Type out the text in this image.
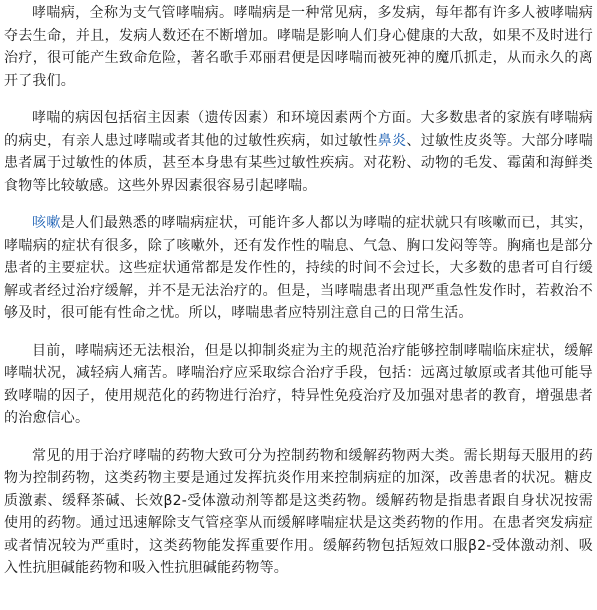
哮喘病，全称为支气管哮喘病。哮喘病是一种常见病，多发病，每年都有许多人被哮喘病夺去生命，并且，发病人数还在不断增加。哮喘是影响人们身心健康的大敌，如果不及时进行治疗，很可能产生致命危险，著名歌手邓丽君便是因哮喘而被死神的魔爪抓走，从而永久的离开了我们。

哮喘的病因包括宿主因素（遗传因素）和环境因素两个方面。大多数患者的家族有哮喘病的病史，有亲人患过哮喘或者其他的过敏性疾病，如过敏性鼻炎、过敏性皮炎等。大部分哮喘患者属于过敏性的体质，甚至本身患有某些过敏性疾病。对花粉、动物的毛发、霉菌和海鲜类食物等比较敏感。这些外界因素很容易引起哮喘。

咳嗽是人们最熟悉的哮喘病症状，可能许多人都以为哮喘的症状就只有咳嗽而已，其实，哮喘病的症状有很多，除了咳嗽外，还有发作性的喘息、气急、胸口发闷等等。胸痛也是部分患者的主要症状。这些症状通常都是发作性的，持续的时间不会过长，大多数的患者可自行缓解或者经过治疗缓解，并不是无法治疗的。但是，当哮喘患者出现严重急性发作时，若救治不够及时，很可能有性命之忧。所以，哮喘患者应特别注意自己的日常生活。

目前，哮喘病还无法根治，但是以抑制炎症为主的规范治疗能够控制哮喘临床症状，缓解哮喘状况，减轻病人痛苦。哮喘治疗应采取综合治疗手段，包括：远离过敏原或者其他可能导致哮喘的因子，使用规范化的药物进行治疗，特异性免疫治疗及加强对患者的教育，增强患者的治愈信心。

常见的用于治疗哮喘的药物大致可分为控制药物和缓解药物两大类。需长期每天服用的药物为控制药物，这类药物主要是通过发挥抗炎作用来控制病症的加深，改善患者的状况。糖皮质激素、缓释茶碱、长效β2-受体激动剂等都是这类药物。缓解药物是指患者跟自身状况按需使用的药物。通过迅速解除支气管痉挛从而缓解哮喘症状是这类药物的作用。在患者突发病症或者情况较为严重时，这类药物能发挥重要作用。缓解药物包括短效口服β2-受体激动剂、吸入性抗胆碱能药物和吸入性抗胆碱能药物等。
